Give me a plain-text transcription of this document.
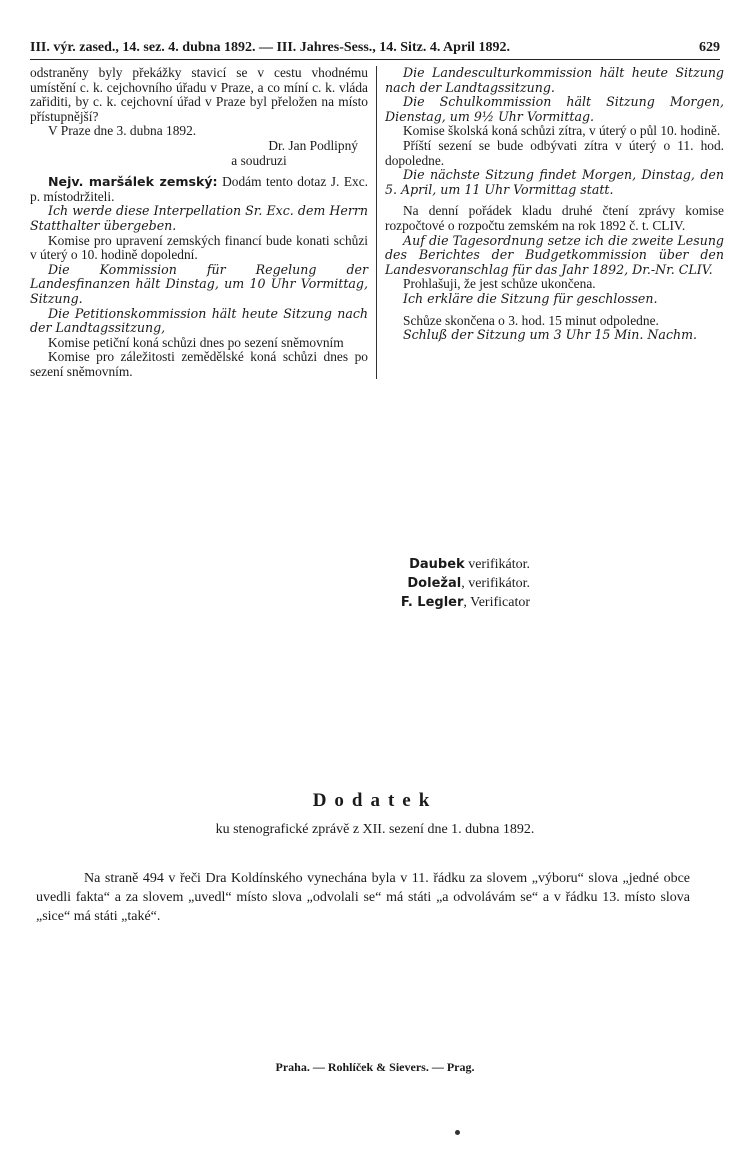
III. výr. zased., 14. sez. 4. dubna 1892. — III. Jahres-Sess., 14. Sitz. 4. April 1892.	629

odstraněny byly překážky stavicí se v cestu vhodnému umístění c. k. cejchovního úřadu v Praze, a co míní c. k. vláda zařiditi, by c. k. cejchovní úřad v Praze byl přeložen na místo přístupnější?

V Praze dne 3. dubna 1892.

Dr. Jan Podlipný

a soudruzi

Nejv. maršálek zemský: Dodám tento dotaz J. Exc. p. místodržiteli.

Ich werde diese Interpellation Sr. Exc. dem Herrn Statthalter übergeben.

Komise pro upravení zemských financí bude konati schůzi v úterý o 10. hodině dopolední.

Die Kommission für Regelung der Landesfinanzen hält Dinstag, um 10 Uhr Vormittag, Sitzung.

Die Petitionskommission hält heute Sitzung nach der Landtagssitzung,

Komise petiční koná schůzi dnes po sezení sněmovním

Komise pro záležitosti zemědělské koná schůzi dnes po sezení sněmovním.

Die Landesculturkommission hält heute Sitzung nach der Landtagssitzung.

Die Schulkommission hält Sitzung Morgen, Dienstag, um 9½ Uhr Vormittag.

Komise školská koná schůzi zítra, v úterý o půl 10. hodině.

Příští sezení se bude odbývati zítra v úterý o 11. hod. dopoledne.

Die nächste Sitzung findet Morgen, Dinstag, den 5. April, um 11 Uhr Vormittag statt.

Na denní pořádek kladu druhé čtení zprávy komise rozpočtové o rozpočtu zemském na rok 1892 č. t. CLIV.

Auf die Tagesordnung setze ich die zweite Lesung des Berichtes der Budgetkommission über den Landesvoranschlag für das Jahr 1892, Dr.-Nr. CLIV.

Prohlašuji, že jest schůze ukončena.

Ich erkläre die Sitzung für geschlossen.

Schůze skončena o 3. hod. 15 minut odpoledne.

Schluß der Sitzung um 3 Uhr 15 Min. Nachm.

Daubek verifikátor.
Doležal, verifikátor.
F. Legler, Verificator
Dodatek
ku stenografické zprávě z XII. sezení dne 1. dubna 1892.

Na straně 494 v řeči Dra Koldínského vynechána byla v 11. řádku za slovem „výboru“ slova „jedné obce uvedli fakta“ a za slovem „uvedl“ místo slova „odvolali se“ má státi „a odvolávám se“ a v řádku 13. místo slova „sice“ má státi „také“.

Praha. — Rohlíček & Sievers. — Prag.
